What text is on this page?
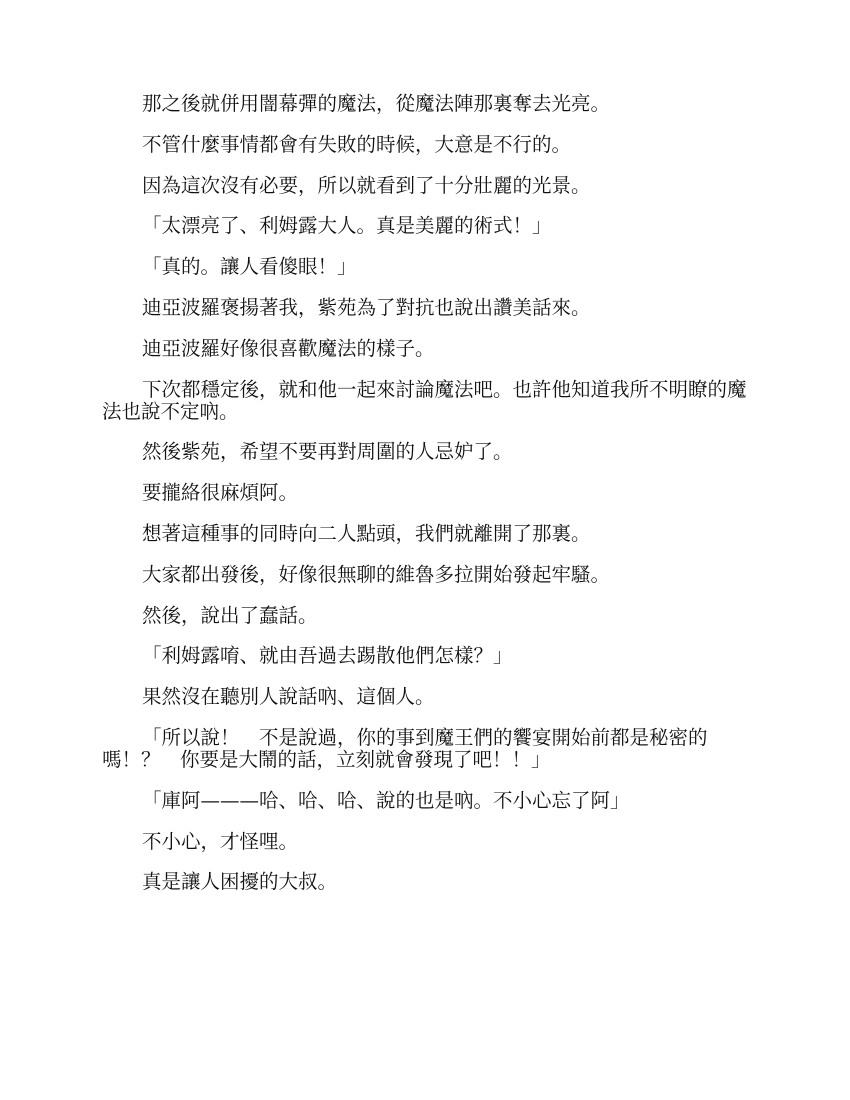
那之後就併用闇幕彈的魔法，從魔法陣那裏奪去光亮。

不管什麼事情都會有失敗的時候，大意是不行的。

因為這次沒有必要，所以就看到了十分壯麗的光景。

「太漂亮了、利姆露大人。真是美麗的術式！」

「真的。讓人看傻眼！」

迪亞波羅褒揚著我，紫苑為了對抗也說出讚美話來。

迪亞波羅好像很喜歡魔法的樣子。

下次都穩定後，就和他一起來討論魔法吧。也許他知道我所不明瞭的魔法也說不定吶。

然後紫苑，希望不要再對周圍的人忌妒了。

要攏絡很麻煩阿。

想著這種事的同時向二人點頭，我們就離開了那裏。

大家都出發後，好像很無聊的維魯多拉開始發起牢騷。

然後，說出了蠢話。

「利姆露唷、就由吾過去踢散他們怎樣？」

果然沒在聽別人說話吶、這個人。

「所以說！　不是說過，你的事到魔王們的饗宴開始前都是秘密的嗎！？　你要是大鬧的話，立刻就會發現了吧！！」

「庫阿———哈、哈、哈、說的也是吶。不小心忘了阿」

不小心，才怪哩。

真是讓人困擾的大叔。
